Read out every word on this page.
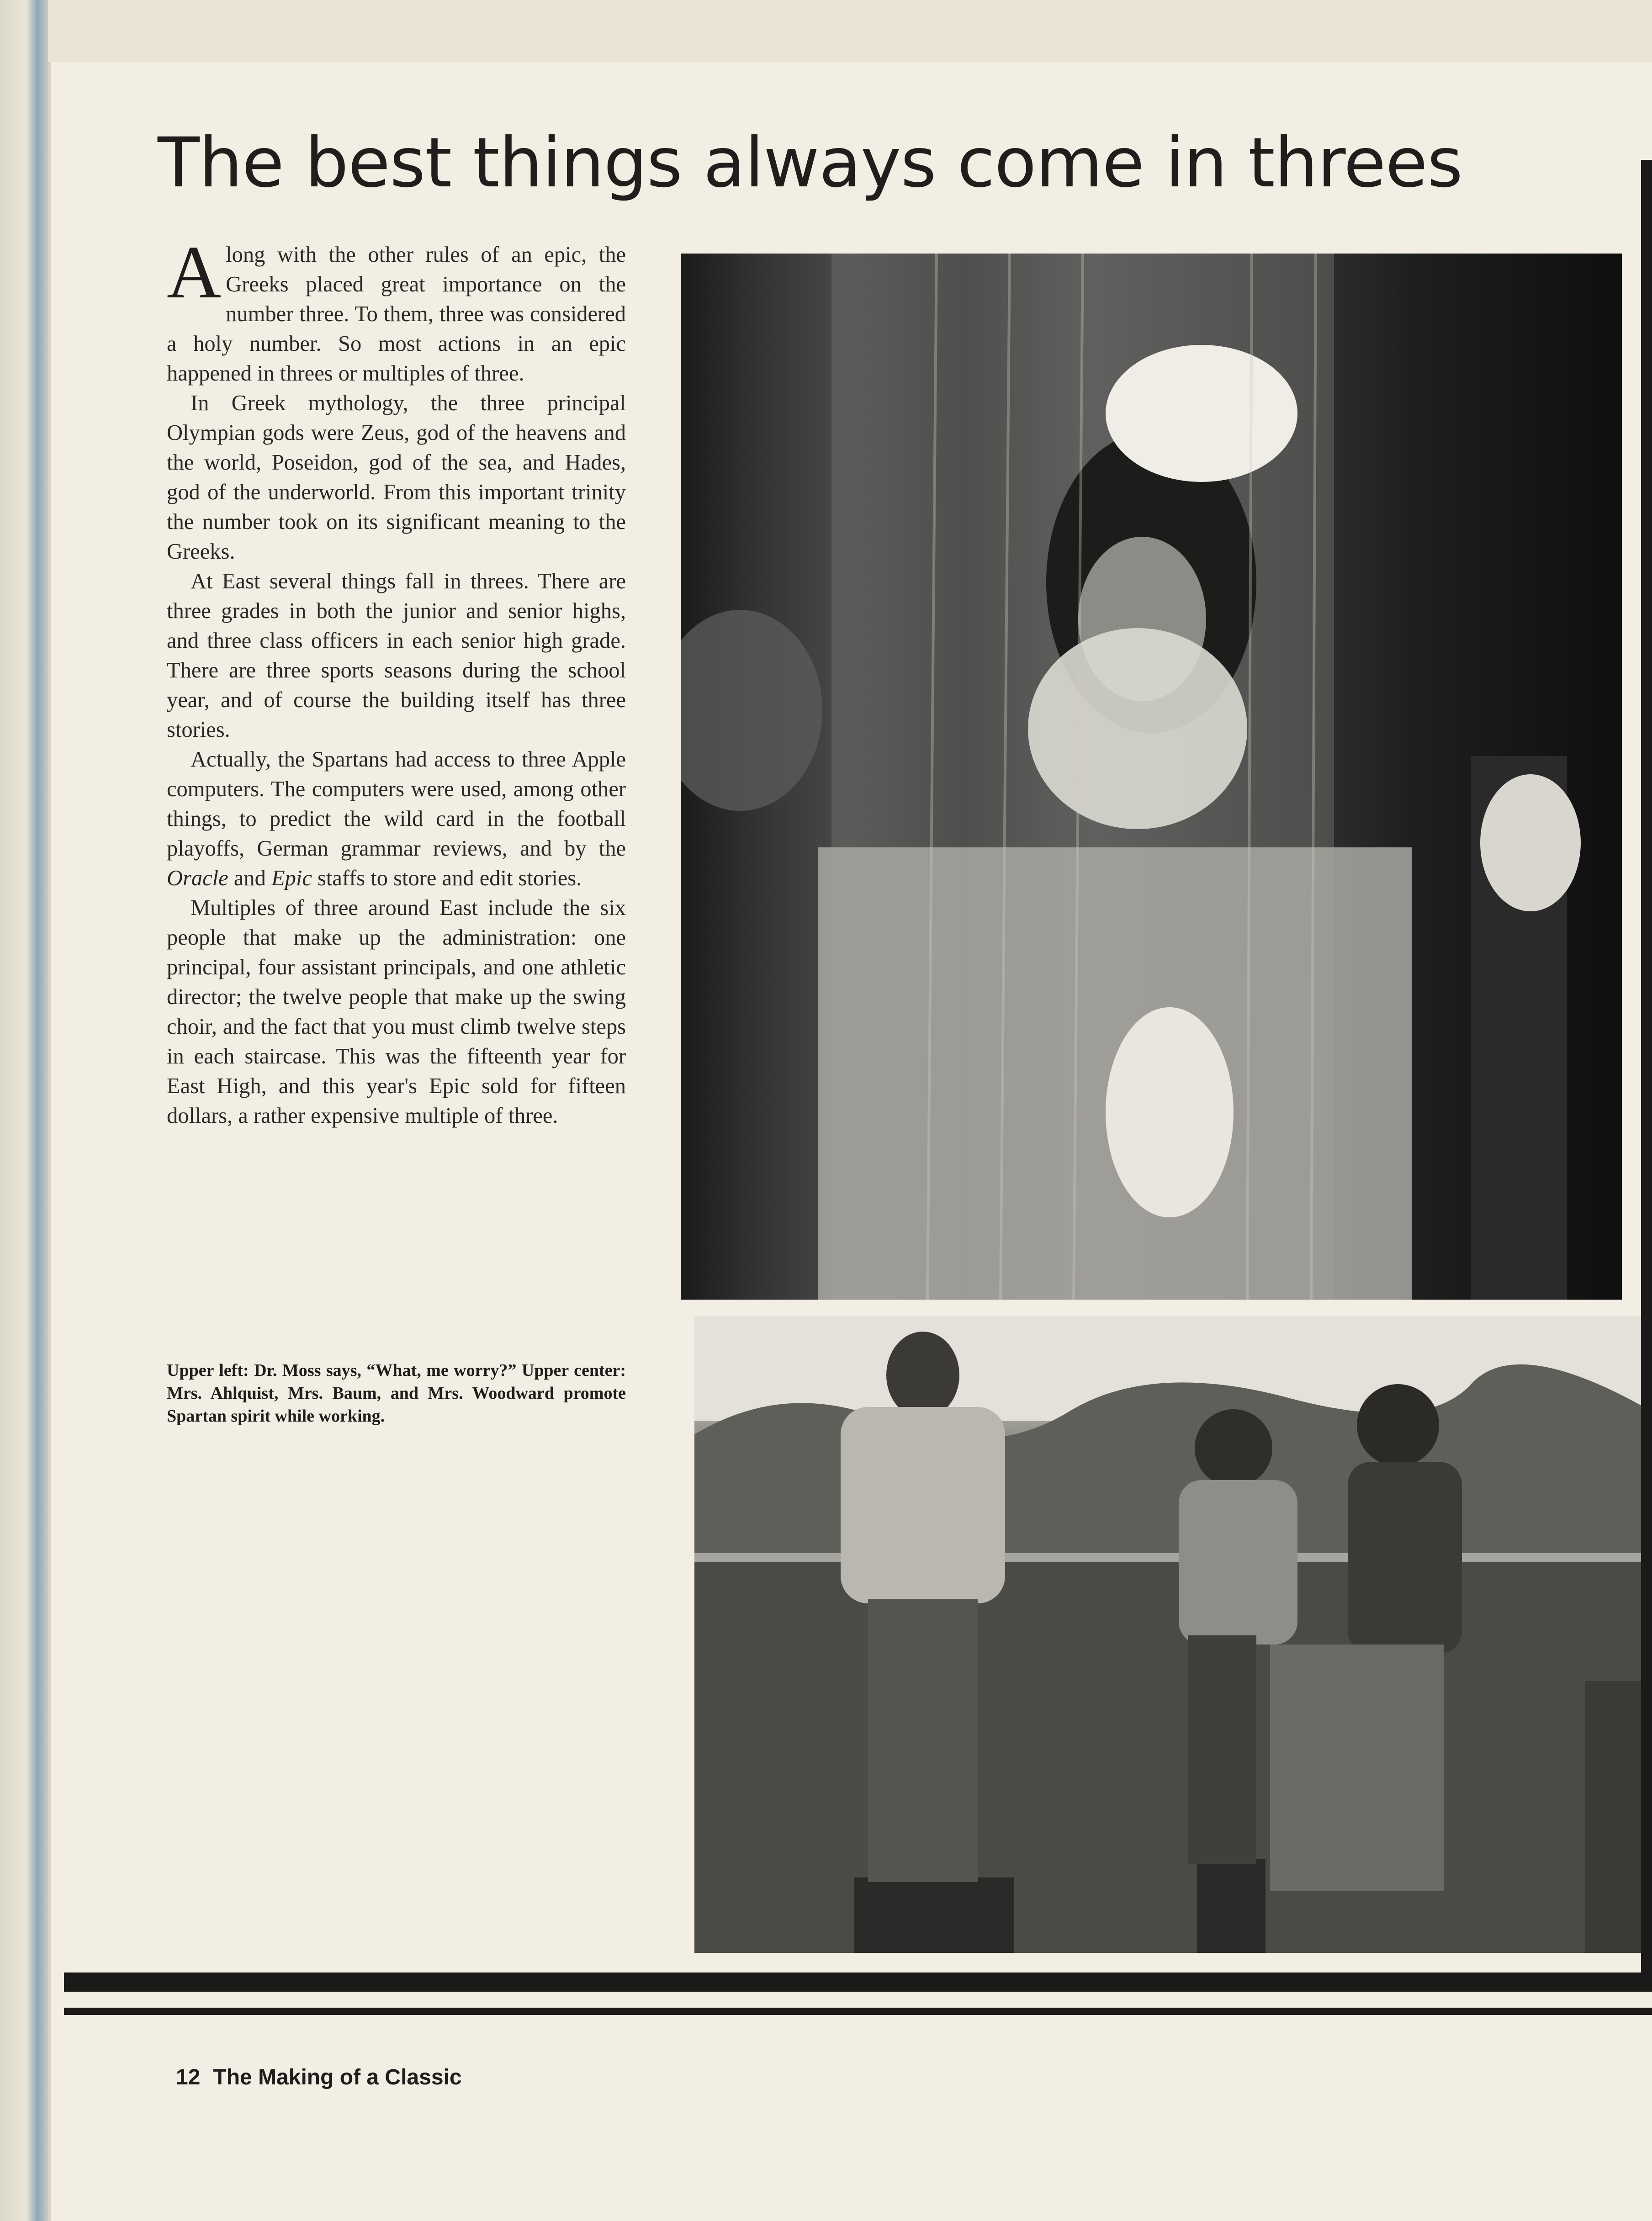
The best things always come in threes

Along with the other rules of an epic, the Greeks placed great importance on the number three. To them, three was considered a holy number. So most actions in an epic happened in threes or multiples of three.

In Greek mythology, the three principal Olympian gods were Zeus, god of the heavens and the world, Poseidon, god of the sea, and Hades, god of the underworld. From this important trinity the number took on its significant meaning to the Greeks.

At East several things fall in threes. There are three grades in both the junior and senior highs, and three class officers in each senior high grade. There are three sports seasons during the school year, and of course the building itself has three stories.

Actually, the Spartans had access to three Apple computers. The computers were used, among other things, to predict the wild card in the football playoffs, German grammar reviews, and by the Oracle and Epic staffs to store and edit stories.

Multiples of three around East include the six people that make up the administration: one principal, four assistant principals, and one athletic director; the twelve people that make up the swing choir, and the fact that you must climb twelve steps in each staircase. This was the fifteenth year for East High, and this year's Epic sold for fifteen dollars, a rather expensive multiple of three.

Upper left: Dr. Moss says, “What, me worry?” Upper center: Mrs. Ahlquist, Mrs. Baum, and Mrs. Woodward promote Spartan spirit while working.
12 The Making of a Classic
